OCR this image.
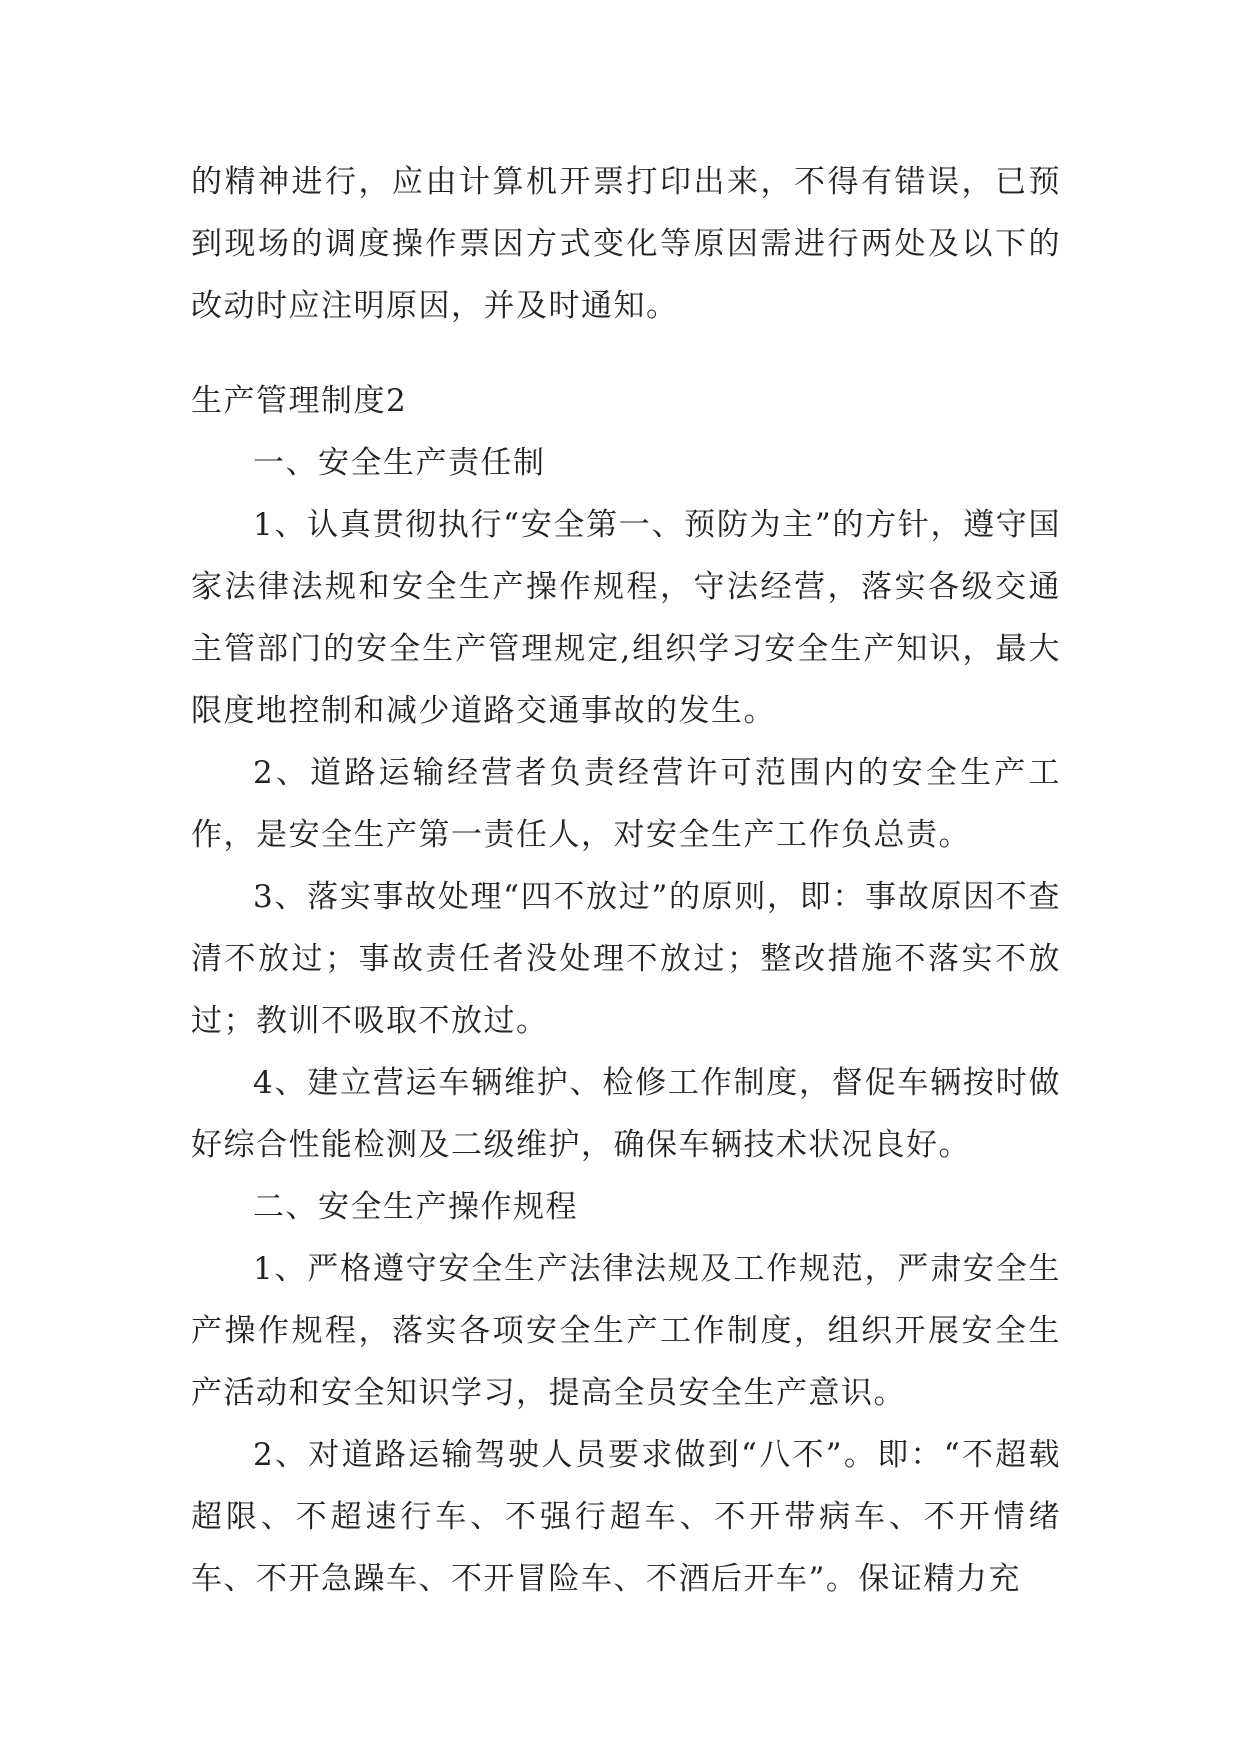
的精神进行，应由计算机开票打印出来，不得有错误，已预到现场的调度操作票因方式变化等原因需进行两处及以下的改动时应注明原因，并及时通知。

生产管理制度2

一、安全生产责任制

1、认真贯彻执行“安全第一、预防为主”的方针，遵守国家法律法规和安全生产操作规程，守法经营，落实各级交通主管部门的安全生产管理规定,组织学习安全生产知识，最大限度地控制和减少道路交通事故的发生。

2、道路运输经营者负责经营许可范围内的安全生产工作，是安全生产第一责任人，对安全生产工作负总责。

3、落实事故处理“四不放过”的原则，即：事故原因不查清不放过；事故责任者没处理不放过；整改措施不落实不放过；教训不吸取不放过。

4、建立营运车辆维护、检修工作制度，督促车辆按时做好综合性能检测及二级维护，确保车辆技术状况良好。

二、安全生产操作规程

1、严格遵守安全生产法律法规及工作规范，严肃安全生产操作规程，落实各项安全生产工作制度，组织开展安全生产活动和安全知识学习，提高全员安全生产意识。

2、对道路运输驾驶人员要求做到“八不”。即：“不超载超限、不超速行车、不强行超车、不开带病车、不开情绪车、不开急躁车、不开冒险车、不酒后开车”。保证精力充
